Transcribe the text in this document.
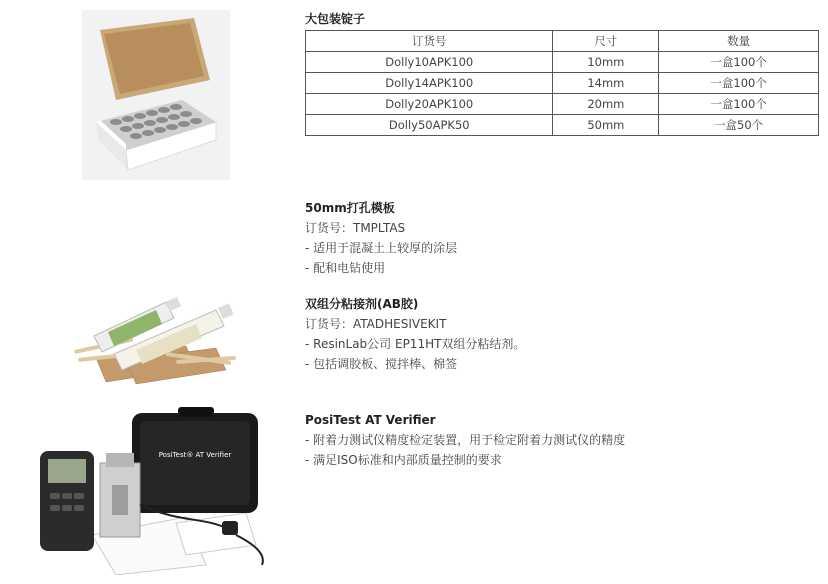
大包装锭子
订货号	尺寸	数量
Dolly10APK100	10mm	一盒100个
Dolly14APK100	14mm	一盒100个
Dolly20APK100	20mm	一盒100个
Dolly50APK50	50mm	一盒50个
50mm打孔模板
订货号：TMPLTAS
- 适用于混凝土上较厚的涂层
- 配和电钻使用
双组分粘接剂(AB胶)
订货号：ATADHESIVEKIT
- ResinLab公司 EP11HT双组分粘结剂。
- 包括调胶板、搅拌棒、棉签
PosiTest® AT Verifier
PosiTest AT Verifier
- 附着力测试仪精度检定装置，用于检定附着力测试仪的精度
- 满足ISO标准和内部质量控制的要求
